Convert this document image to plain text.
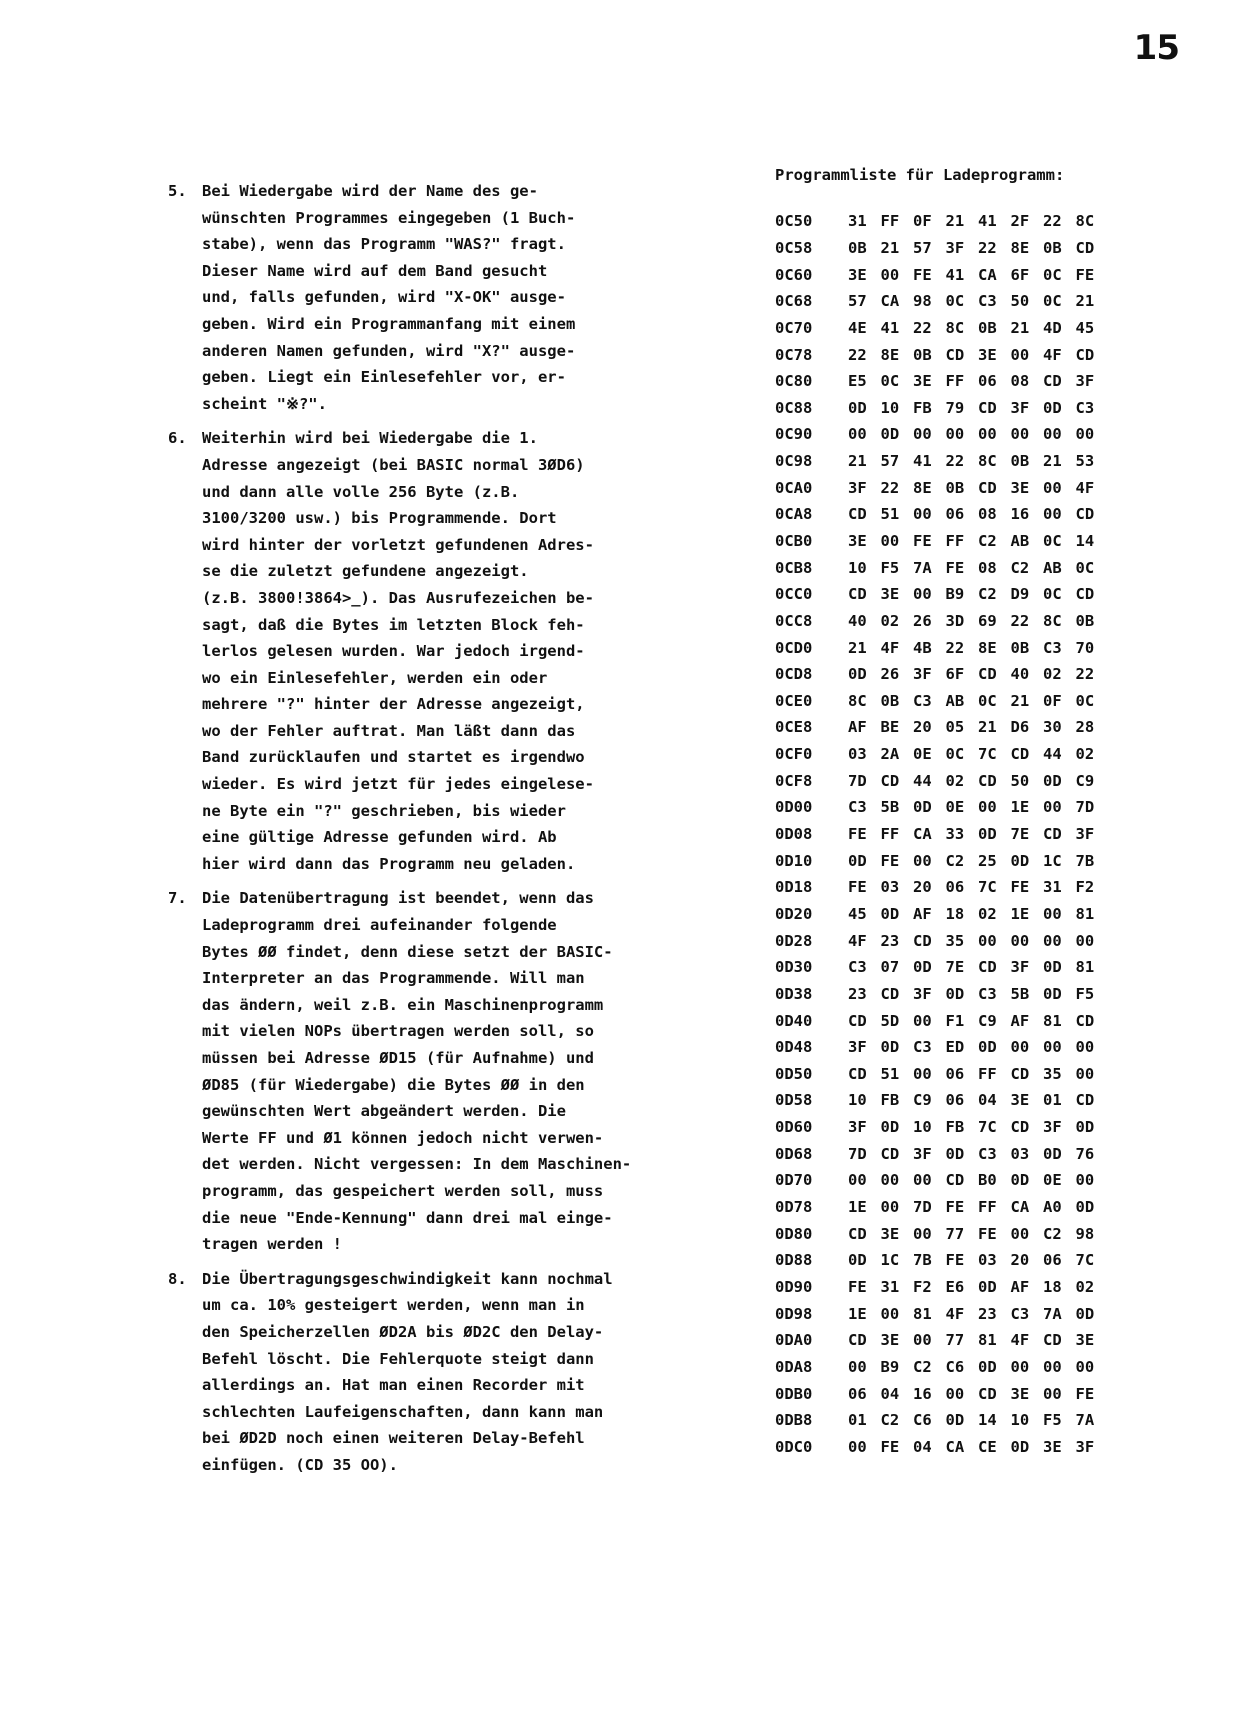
15
5. Bei Wiedergabe wird der Name des ge-
wünschten Programmes eingegeben (1 Buch-
stabe), wenn das Programm "WAS?" fragt.
Dieser Name wird auf dem Band gesucht
und, falls gefunden, wird "X-OK" ausge-
geben. Wird ein Programmanfang mit einem
anderen Namen gefunden, wird "X?" ausge-
geben. Liegt ein Einlesefehler vor, er-
scheint "※?".
6. Weiterhin wird bei Wiedergabe die 1.
Adresse angezeigt (bei BASIC normal 3ØD6)
und dann alle volle 256 Byte (z.B.
3100/3200 usw.) bis Programmende. Dort
wird hinter der vorletzt gefundenen Adres-
se die zuletzt gefundene angezeigt.
(z.B. 3800!3864>_). Das Ausrufezeichen be-
sagt, daß die Bytes im letzten Block feh-
lerlos gelesen wurden. War jedoch irgend-
wo ein Einlesefehler, werden ein oder
mehrere "?" hinter der Adresse angezeigt,
wo der Fehler auftrat. Man läßt dann das
Band zurücklaufen und startet es irgendwo
wieder. Es wird jetzt für jedes eingelese-
ne Byte ein "?" geschrieben, bis wieder
eine gültige Adresse gefunden wird. Ab
hier wird dann das Programm neu geladen.
7. Die Datenübertragung ist beendet, wenn das
Ladeprogramm drei aufeinander folgende
Bytes ØØ findet, denn diese setzt der BASIC-
Interpreter an das Programmende. Will man
das ändern, weil z.B. ein Maschinenprogramm
mit vielen NOPs übertragen werden soll, so
müssen bei Adresse ØD15 (für Aufnahme) und
ØD85 (für Wiedergabe) die Bytes ØØ in den
gewünschten Wert abgeändert werden. Die
Werte FF und Ø1 können jedoch nicht verwen-
det werden. Nicht vergessen: In dem Maschinen-
programm, das gespeichert werden soll, muss
die neue "Ende-Kennung" dann drei mal einge-
tragen werden !
8. Die Übertragungsgeschwindigkeit kann nochmal
um ca. 10% gesteigert werden, wenn man in
den Speicherzellen ØD2A bis ØD2C den Delay-
Befehl löscht. Die Fehlerquote steigt dann
allerdings an. Hat man einen Recorder mit
schlechten Laufeigenschaften, dann kann man
bei ØD2D noch einen weiteren Delay-Befehl
einfügen. (CD 35 OO).
Programmliste für Ladeprogramm:
0C50	31 FF 0F 21 41 2F 22 8C
0C58	0B 21 57 3F 22 8E 0B CD
0C60	3E 00 FE 41 CA 6F 0C FE
0C68	57 CA 98 0C C3 50 0C 21
0C70	4E 41 22 8C 0B 21 4D 45
0C78	22 8E 0B CD 3E 00 4F CD
0C80	E5 0C 3E FF 06 08 CD 3F
0C88	0D 10 FB 79 CD 3F 0D C3
0C90	00 0D 00 00 00 00 00 00
0C98	21 57 41 22 8C 0B 21 53
0CA0	3F 22 8E 0B CD 3E 00 4F
0CA8	CD 51 00 06 08 16 00 CD
0CB0	3E 00 FE FF C2 AB 0C 14
0CB8	10 F5 7A FE 08 C2 AB 0C
0CC0	CD 3E 00 B9 C2 D9 0C CD
0CC8	40 02 26 3D 69 22 8C 0B
0CD0	21 4F 4B 22 8E 0B C3 70
0CD8	0D 26 3F 6F CD 40 02 22
0CE0	8C 0B C3 AB 0C 21 0F 0C
0CE8	AF BE 20 05 21 D6 30 28
0CF0	03 2A 0E 0C 7C CD 44 02
0CF8	7D CD 44 02 CD 50 0D C9
0D00	C3 5B 0D 0E 00 1E 00 7D
0D08	FE FF CA 33 0D 7E CD 3F
0D10	0D FE 00 C2 25 0D 1C 7B
0D18	FE 03 20 06 7C FE 31 F2
0D20	45 0D AF 18 02 1E 00 81
0D28	4F 23 CD 35 00 00 00 00
0D30	C3 07 0D 7E CD 3F 0D 81
0D38	23 CD 3F 0D C3 5B 0D F5
0D40	CD 5D 00 F1 C9 AF 81 CD
0D48	3F 0D C3 ED 0D 00 00 00
0D50	CD 51 00 06 FF CD 35 00
0D58	10 FB C9 06 04 3E 01 CD
0D60	3F 0D 10 FB 7C CD 3F 0D
0D68	7D CD 3F 0D C3 03 0D 76
0D70	00 00 00 CD B0 0D 0E 00
0D78	1E 00 7D FE FF CA A0 0D
0D80	CD 3E 00 77 FE 00 C2 98
0D88	0D 1C 7B FE 03 20 06 7C
0D90	FE 31 F2 E6 0D AF 18 02
0D98	1E 00 81 4F 23 C3 7A 0D
0DA0	CD 3E 00 77 81 4F CD 3E
0DA8	00 B9 C2 C6 0D 00 00 00
0DB0	06 04 16 00 CD 3E 00 FE
0DB8	01 C2 C6 0D 14 10 F5 7A
0DC0	00 FE 04 CA CE 0D 3E 3F
